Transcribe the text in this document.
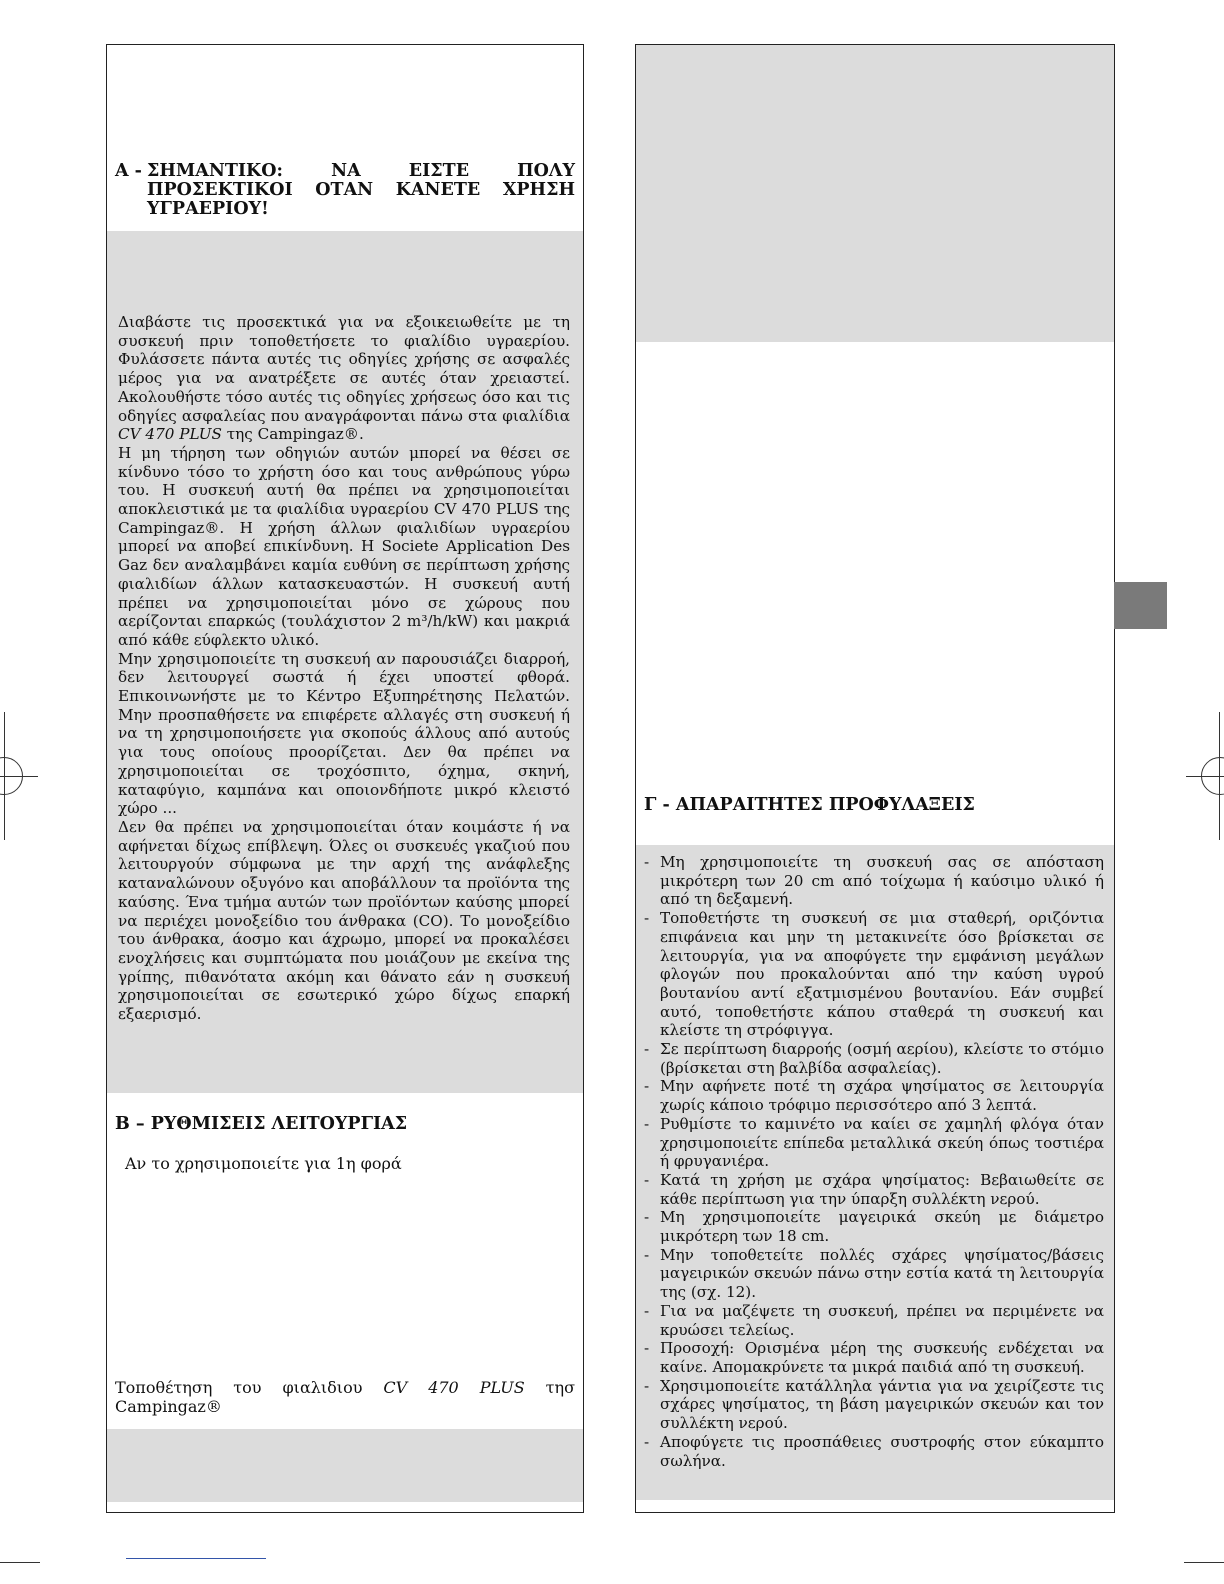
A - ΣΗΜΑΝΤΙΚΟ: ΝΑ ΕΙΣΤΕ ΠΟΛΥ
ΠΡΟΣΕΚΤΙΚΟΙ ΟΤΑΝ ΚΑΝΕΤΕ ΧΡΗΣΗ
ΥΓΡΑΕΡΙΟΥ!

Διαβάστε τις προσεκτικά για να εξοικειωθείτε με τη συσκευή πριν τοποθετήσετε το φιαλίδιο υγραερίου. Φυλάσσετε πάντα αυτές τις οδηγίες χρήσης σε ασφαλές μέρος για να ανατρέξετε σε αυτές όταν χρειαστεί. Ακολουθήστε τόσο αυτές τις οδηγίες χρήσεως όσο και τις οδηγίες ασφαλείας που αναγράφονται πάνω στα φιαλίδια CV 470 PLUS της Campingaz®.

Η μη τήρηση των οδηγιών αυτών μπορεί να θέσει σε κίνδυνο τόσο το χρήστη όσο και τους ανθρώπους γύρω του. Η συσκευή αυτή θα πρέπει να χρησιμοποιείται αποκλειστικά με τα φιαλίδια υγραερίου CV 470 PLUS της Campingaz®. Η χρήση άλλων φιαλιδίων υγραερίου μπορεί να αποβεί επικίνδυνη. Η Societe Application Des Gaz δεν αναλαμβάνει καμία ευθύνη σε περίπτωση χρήσης φιαλιδίων άλλων κατασκευαστών. Η συσκευή αυτή πρέπει να χρησιμοποιείται μόνο σε χώρους που αερίζονται επαρκώς (τουλάχιστον 2 m³/h/kW) και μακριά από κάθε εύφλεκτο υλικό.

Μην χρησιμοποιείτε τη συσκευή αν παρουσιάζει διαρροή, δεν λειτουργεί σωστά ή έχει υποστεί φθορά. Επικοινωνήστε με το Κέντρο Εξυπηρέτησης Πελατών. Μην προσπαθήσετε να επιφέρετε αλλαγές στη συσκευή ή να τη χρησιμοποιήσετε για σκοπούς άλλους από αυτούς για τους οποίους προορίζεται. Δεν θα πρέπει να χρησιμοποιείται σε τροχόσπιτο, όχημα, σκηνή, καταφύγιο, καμπάνα και οποιονδήποτε μικρό κλειστό χώρο ...

Δεν θα πρέπει να χρησιμοποιείται όταν κοιμάστε ή να αφήνεται δίχως επίβλεψη. Όλες οι συσκευές γκαζιού που λειτουργούν σύμφωνα με την αρχή της ανάφλεξης καταναλώνουν οξυγόνο και αποβάλλουν τα προϊόντα της καύσης. Ένα τμήμα αυτών των προϊόντων καύσης μπορεί να περιέχει μονοξείδιο του άνθρακα (CO). Το μονοξείδιο του άνθρακα, άοσμο και άχρωμο, μπορεί να προκαλέσει ενοχλήσεις και συμπτώματα που μοιάζουν με εκείνα της γρίπης, πιθανότατα ακόμη και θάνατο εάν η συσκευή χρησιμοποιείται σε εσωτερικό χώρο δίχως επαρκή εξαερισμό.

B – ΡΥΘΜΙΣΕΙΣ ΛΕΙΤΟΥΡΓΙΑΣ
Αν το χρησιμοποιείτε για 1η φορά
Τοποθέτηση του φιαλιδιου CV 470 PLUS τησ Campingaz®
Γ - ΑΠΑΡΑΙΤΗΤΕΣ ΠΡΟΦΥΛΑΞΕΙΣ
- Μη χρησιμοποιείτε τη συσκευή σας σε απόσταση μικρότερη των 20 cm από τοίχωμα ή καύσιμο υλικό ή από τη δεξαμενή.
- Τοποθετήστε τη συσκευή σε μια σταθερή, οριζόντια επιφάνεια και μην τη μετακινείτε όσο βρίσκεται σε λειτουργία, για να αποφύγετε την εμφάνιση μεγάλων φλογών που προκαλούνται από την καύση υγρού βουτανίου αντί εξατμισμένου βουτανίου. Εάν συμβεί αυτό, τοποθετήστε κάπου σταθερά τη συσκευή και κλείστε τη στρόφιγγα.
- Σε περίπτωση διαρροής (οσμή αερίου), κλείστε το στόμιο (βρίσκεται στη βαλβίδα ασφαλείας).
- Μην αφήνετε ποτέ τη σχάρα ψησίματος σε λειτουργία χωρίς κάποιο τρόφιμο περισσότερο από 3 λεπτά.
- Ρυθμίστε το καμινέτο να καίει σε χαμηλή φλόγα όταν χρησιμοποιείτε επίπεδα μεταλλικά σκεύη όπως τοστιέρα ή φρυγανιέρα.
- Κατά τη χρήση με σχάρα ψησίματος: Βεβαιωθείτε σε κάθε περίπτωση για την ύπαρξη συλλέκτη νερού.
- Μη χρησιμοποιείτε μαγειρικά σκεύη με διάμετρο μικρότερη των 18 cm.
- Μην τοποθετείτε πολλές σχάρες ψησίματος/βάσεις μαγειρικών σκευών πάνω στην εστία κατά τη λειτουργία της (σχ. 12).
- Για να μαζέψετε τη συσκευή, πρέπει να περιμένετε να κρυώσει τελείως.
- Προσοχή: Ορισμένα μέρη της συσκευής ενδέχεται να καίνε. Απομακρύνετε τα μικρά παιδιά από τη συσκευή.
- Χρησιμοποιείτε κατάλληλα γάντια για να χειρίζεστε τις σχάρες ψησίματος, τη βάση μαγειρικών σκευών και τον συλλέκτη νερού.
- Αποφύγετε τις προσπάθειες συστροφής στον εύκαμπτο σωλήνα.
